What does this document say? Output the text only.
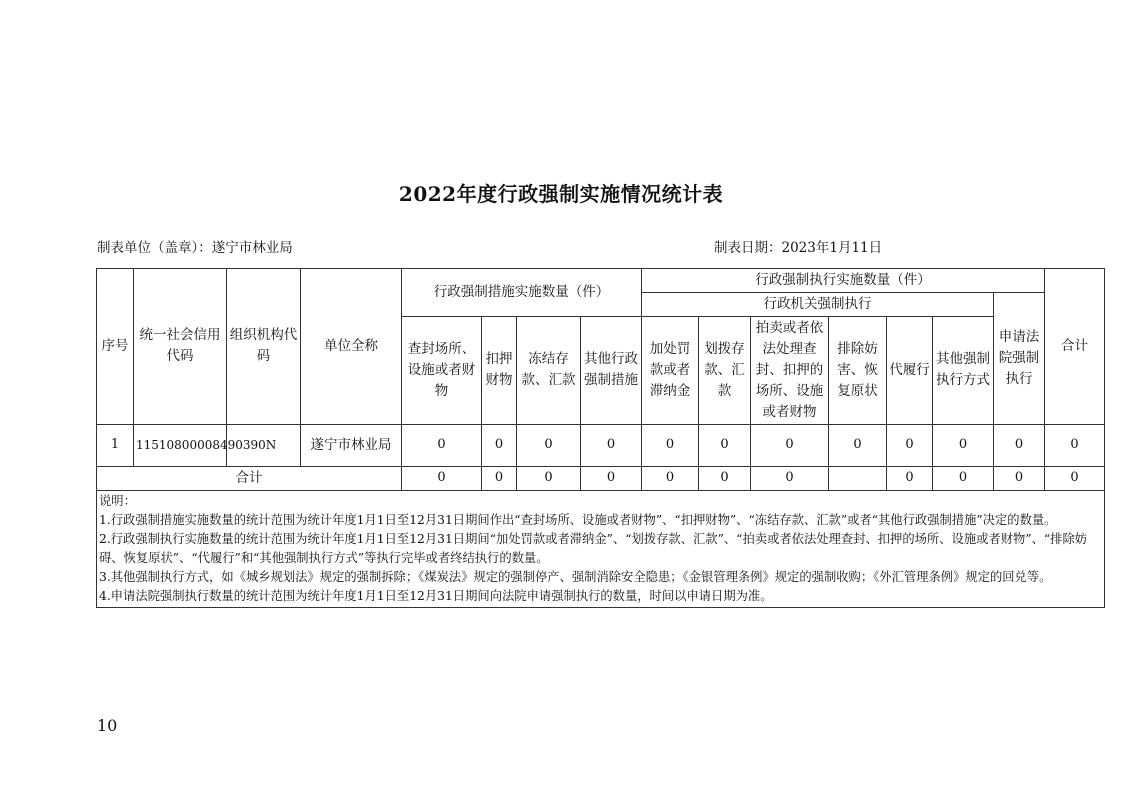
2022年度行政强制实施情况统计表
制表单位（盖章）：遂宁市林业局	制表日期：2023年1月11日
序号	统一社会信用代码	组织机构代码	单位全称	行政强制措施实施数量（件）				行政强制执行实施数量（件）							合计
								行政机关强制执行						申请法院强制执行	
				查封场所、设施或者财物	扣押财物	冻结存款、汇款	其他行政强制措施	加处罚款或者滞纳金	划拨存款、汇款	拍卖或者依法处理查封、扣押的场所、设施或者财物	排除妨害、恢复原状	代履行	其他强制执行方式		
1	11510800008490390N		遂宁市林业局	0	0	0	0	0	0	0	0	0	0	0	0
合计				0	0	0	0	0	0	0		0	0	0	0

说明：
1.行政强制措施实施数量的统计范围为统计年度1月1日至12月31日期间作出“查封场所、设施或者财物”、“扣押财物”、“冻结存款、汇款”或者“其他行政强制措施”决定的数量。
2.行政强制执行实施数量的统计范围为统计年度1月1日至12月31日期间“加处罚款或者滞纳金”、“划拨存款、汇款”、“拍卖或者依法处理查封、扣押的场所、设施或者财物”、“排除妨碍、恢复原状”、“代履行”和“其他强制执行方式”等执行完毕或者终结执行的数量。
3.其他强制执行方式，如《城乡规划法》规定的强制拆除；《煤炭法》规定的强制停产、强制消除安全隐患；《金银管理条例》规定的强制收购；《外汇管理条例》规定的回兑等。
4.申请法院强制执行数量的统计范围为统计年度1月1日至12月31日期间向法院申请强制执行的数量，时间以申请日期为准。															
10
